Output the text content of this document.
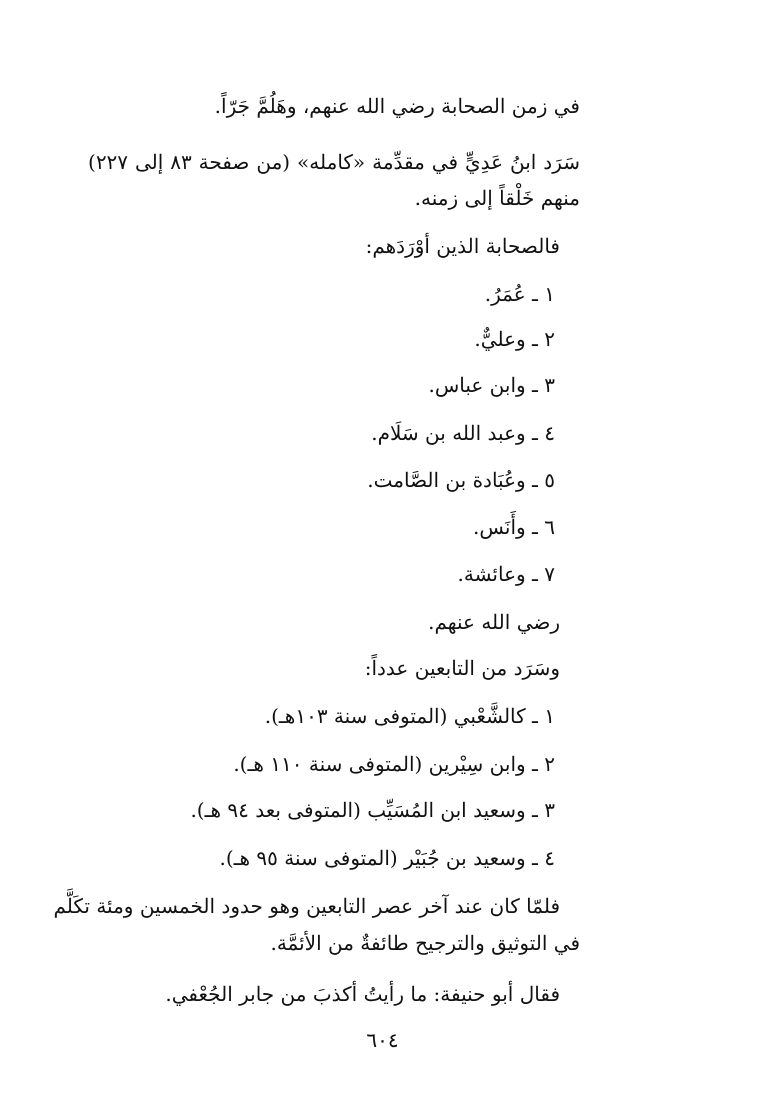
في زمن الصحابة رضي الله عنهم، وهَلُمَّ جَرّاً.
سَرَد ابنُ عَدِيٍّ في مقدِّمة «كامله» (من صفحة ٨٣ إلى ٢٢٧)
منهم خَلْقاً إلى زمنه.
فالصحابة الذين أوْرَدَهم:
١ ـ عُمَرُ.
٢ ـ وعليٌّ.
٣ ـ وابن عباس.
٤ ـ وعبد الله بن سَلَام.
٥ ـ وعُبَادة بن الصَّامت.
٦ ـ وأَنَس.
٧ ـ وعائشة.
رضي الله عنهم.
وسَرَد من التابعين عدداً:
١ ـ كالشَّعْبي (المتوفى سنة ١٠٣هـ).
٢ ـ وابن سِيْرين (المتوفى سنة ١١٠ هـ).
٣ ـ وسعيد ابن المُسَيِّب (المتوفى بعد ٩٤ هـ).
٤ ـ وسعيد بن جُبَيْر (المتوفى سنة ٩٥ هـ).
فلمّا كان عند آخر عصر التابعين وهو حدود الخمسين ومئة تكَلَّم
في التوثيق والترجيح طائفةٌ من الأئمَّة.
فقال أبو حنيفة: ما رأيتُ أكذبَ من جابر الجُعْفي.
٦٠٤
